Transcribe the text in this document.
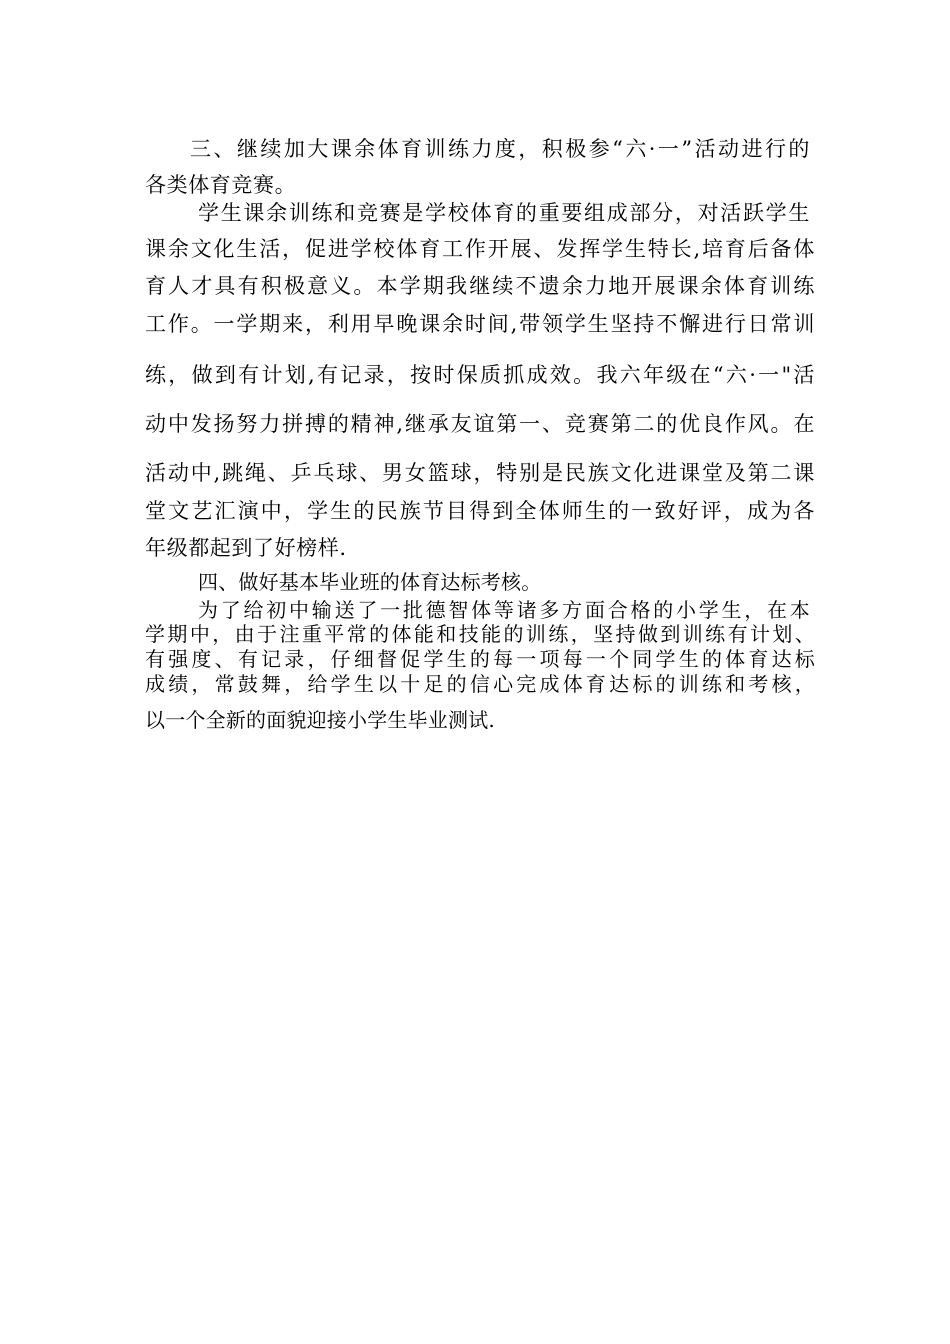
三、继续加大课余体育训练力度，积极参“六·一”活动进行的
各类体育竞赛。
学生课余训练和竞赛是学校体育的重要组成部分，对活跃学生
课余文化生活，促进学校体育工作开展、发挥学生特长,培育后备体
育人才具有积极意义。本学期我继续不遗余力地开展课余体育训练
工作。一学期来，利用早晚课余时间,带领学生坚持不懈进行日常训
练，做到有计划,有记录，按时保质抓成效。我六年级在“六·一"活
动中发扬努力拼搏的精神,继承友谊第一、竞赛第二的优良作风。在
活动中,跳绳、乒乓球、男女篮球，特别是民族文化进课堂及第二课
堂文艺汇演中，学生的民族节目得到全体师生的一致好评，成为各
年级都起到了好榜样.
四、做好基本毕业班的体育达标考核。
为了给初中输送了一批德智体等诸多方面合格的小学生，在本
学期中，由于注重平常的体能和技能的训练，坚持做到训练有计划、
有强度、有记录，仔细督促学生的每一项每一个同学生的体育达标
成绩，常鼓舞，给学生以十足的信心完成体育达标的训练和考核，
以一个全新的面貌迎接小学生毕业测试.
